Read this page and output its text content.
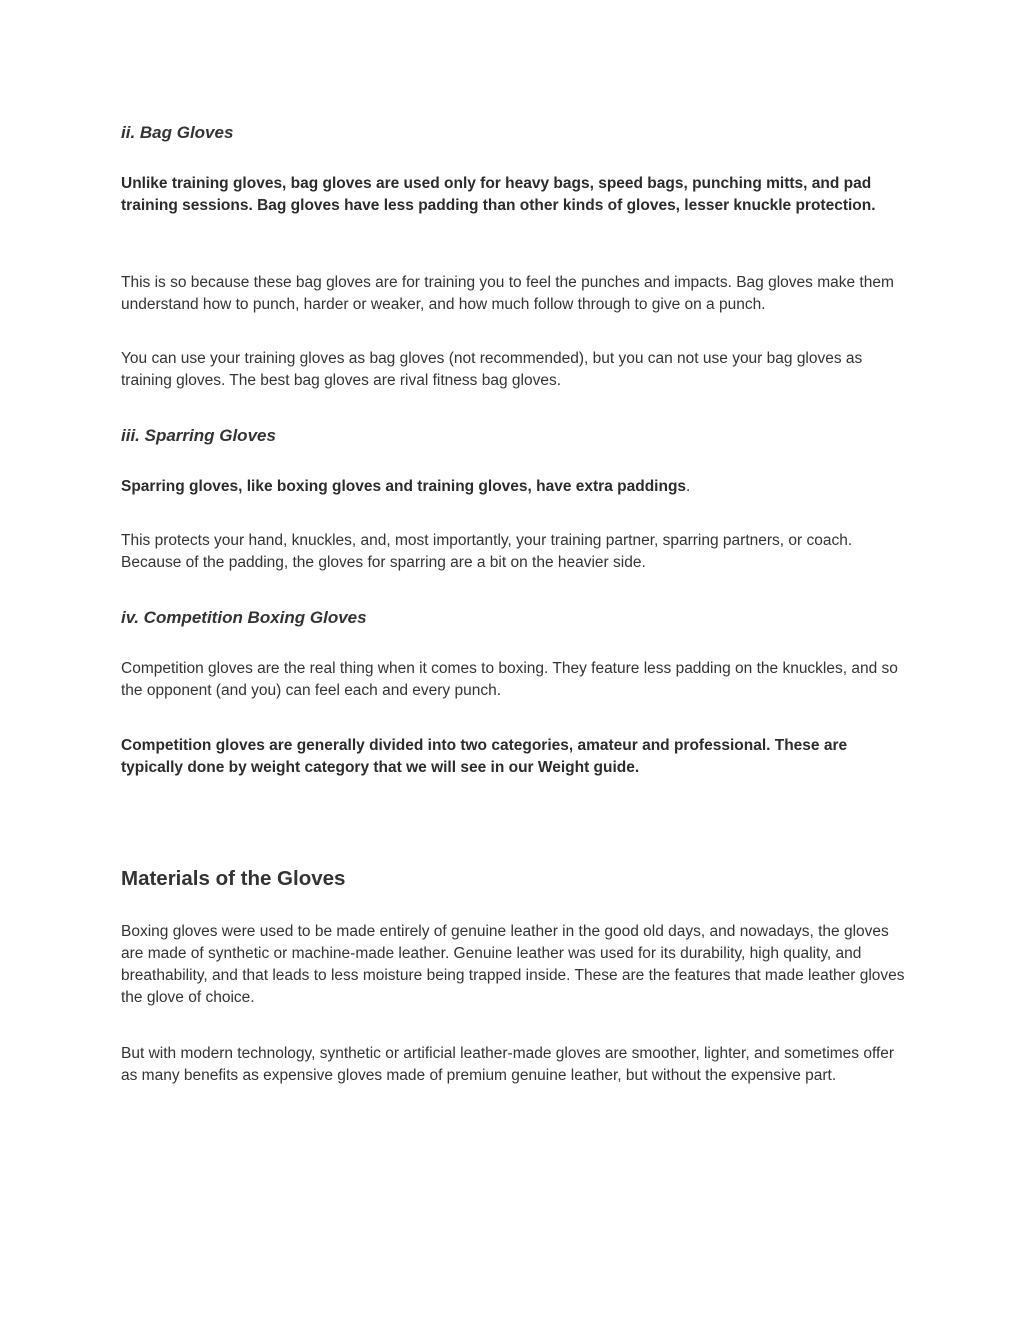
ii. Bag Gloves

Unlike training gloves, bag gloves are used only for heavy bags, speed bags, punching mitts, and pad training sessions. Bag gloves have less padding than other kinds of gloves, lesser knuckle protection.

This is so because these bag gloves are for training you to feel the punches and impacts. Bag gloves make them understand how to punch, harder or weaker, and how much follow through to give on a punch.

You can use your training gloves as bag gloves (not recommended), but you can not use your bag gloves as training gloves. The best bag gloves are rival fitness bag gloves.

iii. Sparring Gloves

Sparring gloves, like boxing gloves and training gloves, have extra paddings.

This protects your hand, knuckles, and, most importantly, your training partner, sparring partners, or coach. Because of the padding, the gloves for sparring are a bit on the heavier side.

iv. Competition Boxing Gloves

Competition gloves are the real thing when it comes to boxing. They feature less padding on the knuckles, and so the opponent (and you) can feel each and every punch.

Competition gloves are generally divided into two categories, amateur and professional. These are typically done by weight category that we will see in our Weight guide.

Materials of the Gloves

Boxing gloves were used to be made entirely of genuine leather in the good old days, and nowadays, the gloves are made of synthetic or machine-made leather. Genuine leather was used for its durability, high quality, and breathability, and that leads to less moisture being trapped inside. These are the features that made leather gloves the glove of choice.

But with modern technology, synthetic or artificial leather-made gloves are smoother, lighter, and sometimes offer as many benefits as expensive gloves made of premium genuine leather, but without the expensive part.
